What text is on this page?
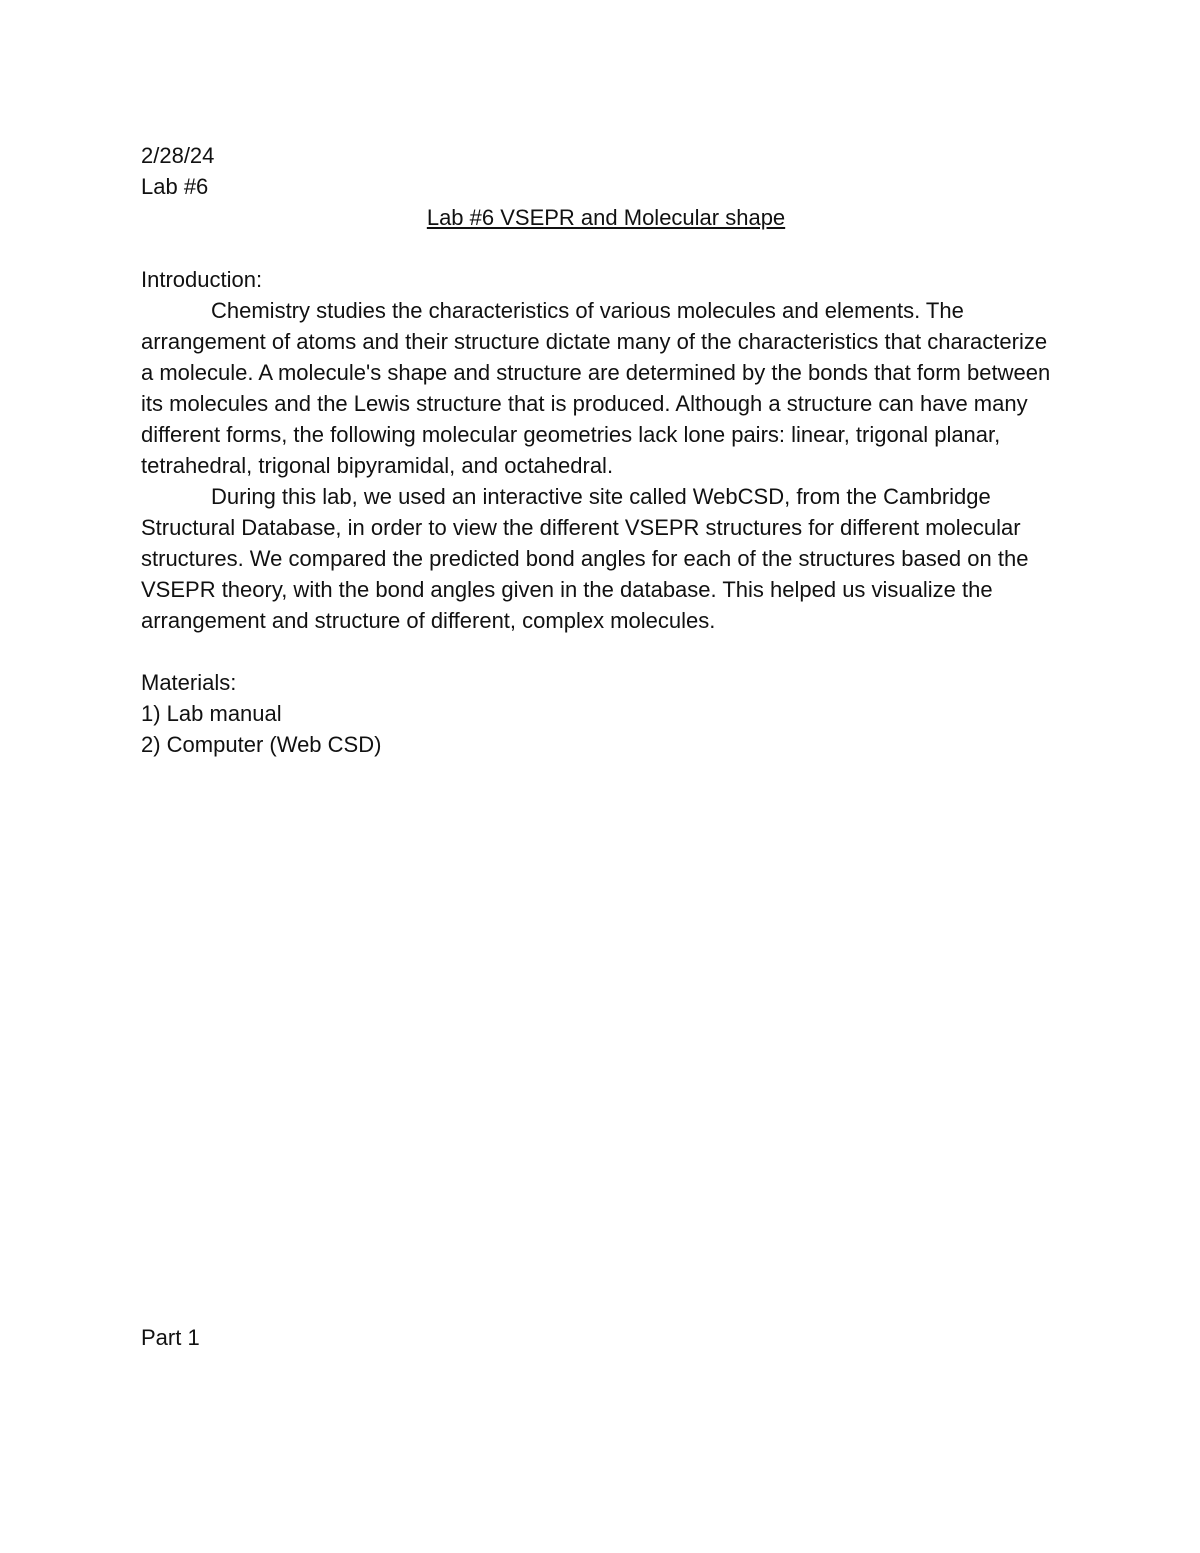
2/28/24
Lab #6
Lab #6 VSEPR and Molecular shape
Introduction:

Chemistry studies the characteristics of various molecules and elements. The arrangement of atoms and their structure dictate many of the characteristics that characterize a molecule. A molecule's shape and structure are determined by the bonds that form between its molecules and the Lewis structure that is produced. Although a structure can have many different forms, the following molecular geometries lack lone pairs: linear, trigonal planar, tetrahedral, trigonal bipyramidal, and octahedral.

During this lab, we used an interactive site called WebCSD, from the Cambridge Structural Database, in order to view the different VSEPR structures for different molecular structures. We compared the predicted bond angles for each of the structures based on the VSEPR theory, with the bond angles given in the database. This helped us visualize the arrangement and structure of different, complex molecules.

Materials:
1) Lab manual
2) Computer (Web CSD)
Part 1
